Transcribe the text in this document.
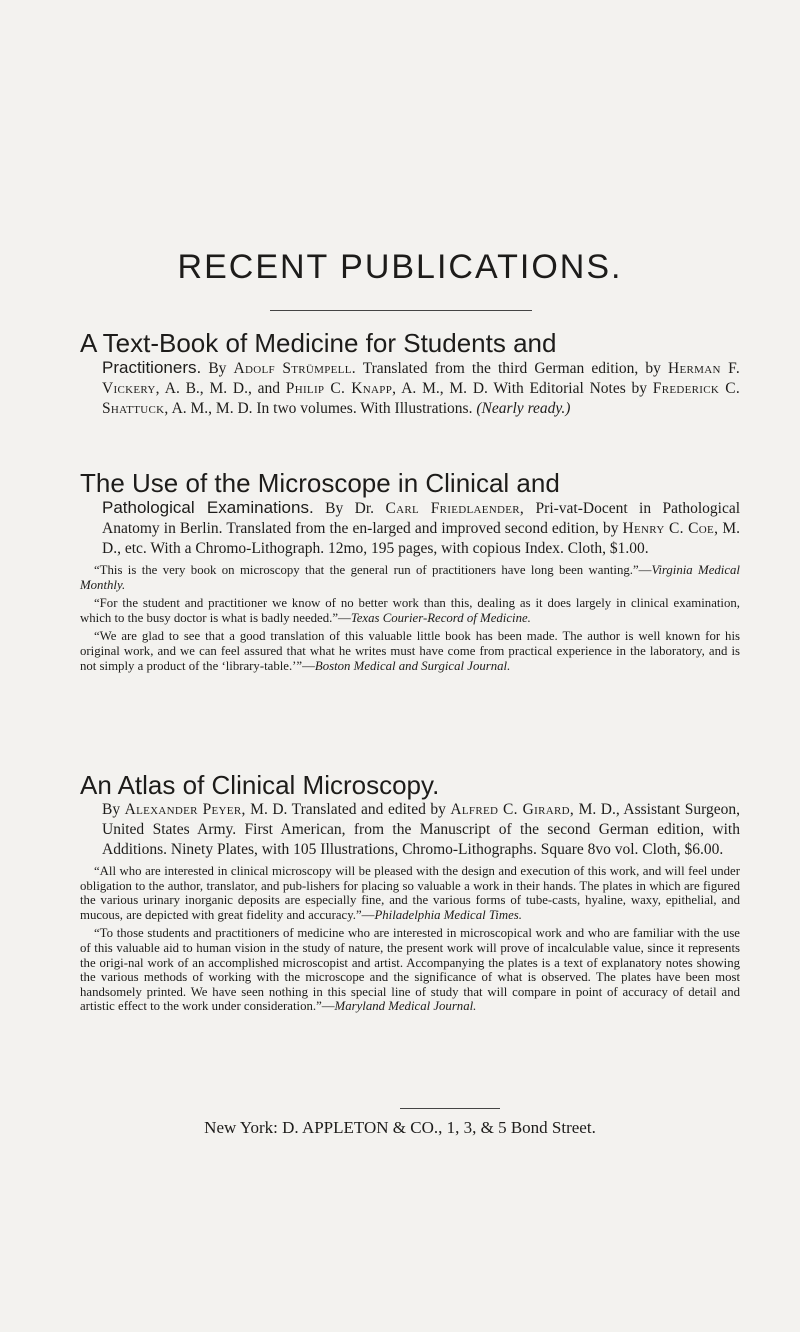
RECENT PUBLICATIONS.

A Text-Book of Medicine for Students and

Practitioners. By Adolf Strümpell. Translated from the third German edition, by Herman F. Vickery, A. B., M. D., and Philip C. Knapp, A. M., M. D. With Editorial Notes by Frederick C. Shattuck, A. M., M. D. In two volumes. With Illustrations. (Nearly ready.)

The Use of the Microscope in Clinical and

Pathological Examinations. By Dr. Carl Friedlaender, Pri-vat-Docent in Pathological Anatomy in Berlin. Translated from the en-larged and improved second edition, by Henry C. Coe, M. D., etc. With a Chromo-Lithograph. 12mo, 195 pages, with copious Index. Cloth, $1.00.

“This is the very book on microscopy that the general run of practitioners have long been wanting.”—Virginia Medical Monthly.

“For the student and practitioner we know of no better work than this, dealing as it does largely in clinical examination, which to the busy doctor is what is badly needed.”—Texas Courier-Record of Medicine.

“We are glad to see that a good translation of this valuable little book has been made. The author is well known for his original work, and we can feel assured that what he writes must have come from practical experience in the laboratory, and is not simply a product of the ‘library-table.’”—Boston Medical and Surgical Journal.

An Atlas of Clinical Microscopy.

By Alexander Peyer, M. D. Translated and edited by Alfred C. Girard, M. D., Assistant Surgeon, United States Army. First American, from the Manuscript of the second German edition, with Additions. Ninety Plates, with 105 Illustrations, Chromo-Lithographs. Square 8vo vol. Cloth, $6.00.

“All who are interested in clinical microscopy will be pleased with the design and execution of this work, and will feel under obligation to the author, translator, and pub-lishers for placing so valuable a work in their hands. The plates in which are figured the various urinary inorganic deposits are especially fine, and the various forms of tube-casts, hyaline, waxy, epithelial, and mucous, are depicted with great fidelity and accuracy.”—Philadelphia Medical Times.

“To those students and practitioners of medicine who are interested in microscopical work and who are familiar with the use of this valuable aid to human vision in the study of nature, the present work will prove of incalculable value, since it represents the origi-nal work of an accomplished microscopist and artist. Accompanying the plates is a text of explanatory notes showing the various methods of working with the microscope and the significance of what is observed. The plates have been most handsomely printed. We have seen nothing in this special line of study that will compare in point of accuracy of detail and artistic effect to the work under consideration.”—Maryland Medical Journal.

New York: D. APPLETON & CO., 1, 3, & 5 Bond Street.
